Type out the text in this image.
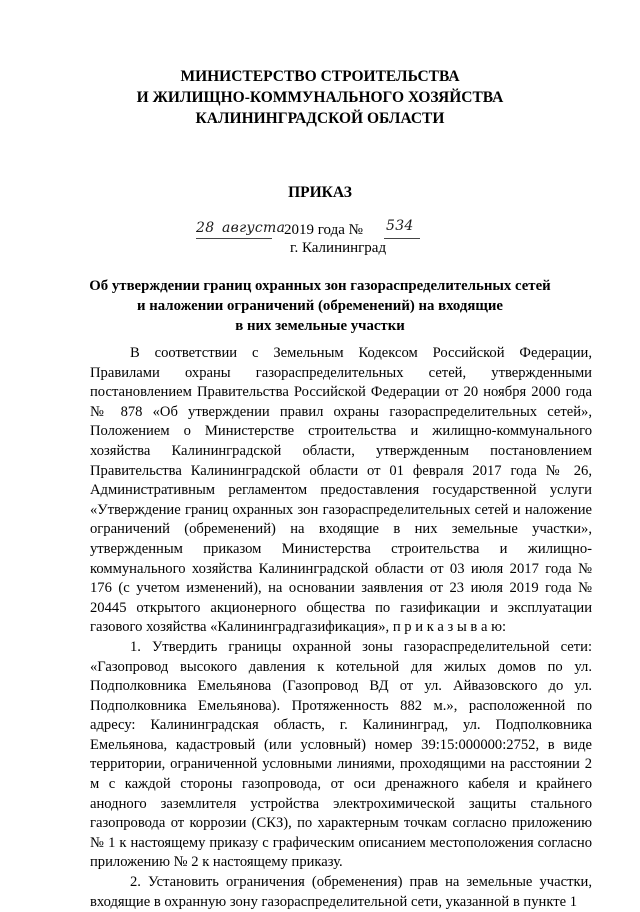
МИНИСТЕРСТВО СТРОИТЕЛЬСТВА
И ЖИЛИЩНО-КОММУНАЛЬНОГО ХОЗЯЙСТВА
КАЛИНИНГРАДСКОЙ ОБЛАСТИ
ПРИКАЗ
28 августа
2019 года № 534
г. Калининград
Об утверждении границ охранных зон газораспределительных сетей
и наложении ограничений (обременений) на входящие
в них земельные участки

В соответствии с Земельным Кодексом Российской Федерации, Правилами охраны газораспределительных сетей, утвержденными постановлением Правительства Российской Федерации от 20 ноября 2000 года № 878 «Об утверждении правил охраны газораспределительных сетей», Положением о Министерстве строительства и жилищно-коммунального хозяйства Калининградской области, утвержденным постановлением Правительства Калининградской области от 01 февраля 2017 года № 26, Административным регламентом предоставления государственной услуги «Утверждение границ охранных зон газораспределительных сетей и наложение ограничений (обременений) на входящие в них земельные участки», утвержденным приказом Министерства строительства и жилищно-коммунального хозяйства Калининградской области от 03 июля 2017 года № 176 (с учетом изменений), на основании заявления от 23 июля 2019 года № 20445 открытого акционерного общества по газификации и эксплуатации газового хозяйства «Калининградгазификация», п р и к а з ы в а ю:

1. Утвердить границы охранной зоны газораспределительной сети: «Газопровод высокого давления к котельной для жилых домов по ул. Подполковника Емельянова (Газопровод ВД от ул. Айвазовского до ул. Подполковника Емельянова). Протяженность 882 м.», расположенной по адресу: Калининградская область, г. Калининград, ул. Подполковника Емельянова, кадастровый (или условный) номер 39:15:000000:2752, в виде территории, ограниченной условными линиями, проходящими на расстоянии 2 м с каждой стороны газопровода, от оси дренажного кабеля и крайнего анодного заземлителя устройства электрохимической защиты стального газопровода от коррозии (СКЗ), по характерным точкам согласно приложению № 1 к настоящему приказу с графическим описанием местоположения согласно приложению № 2 к настоящему приказу.

2. Установить ограничения (обременения) прав на земельные участки, входящие в охранную зону газораспределительной сети, указанной в пункте 1
